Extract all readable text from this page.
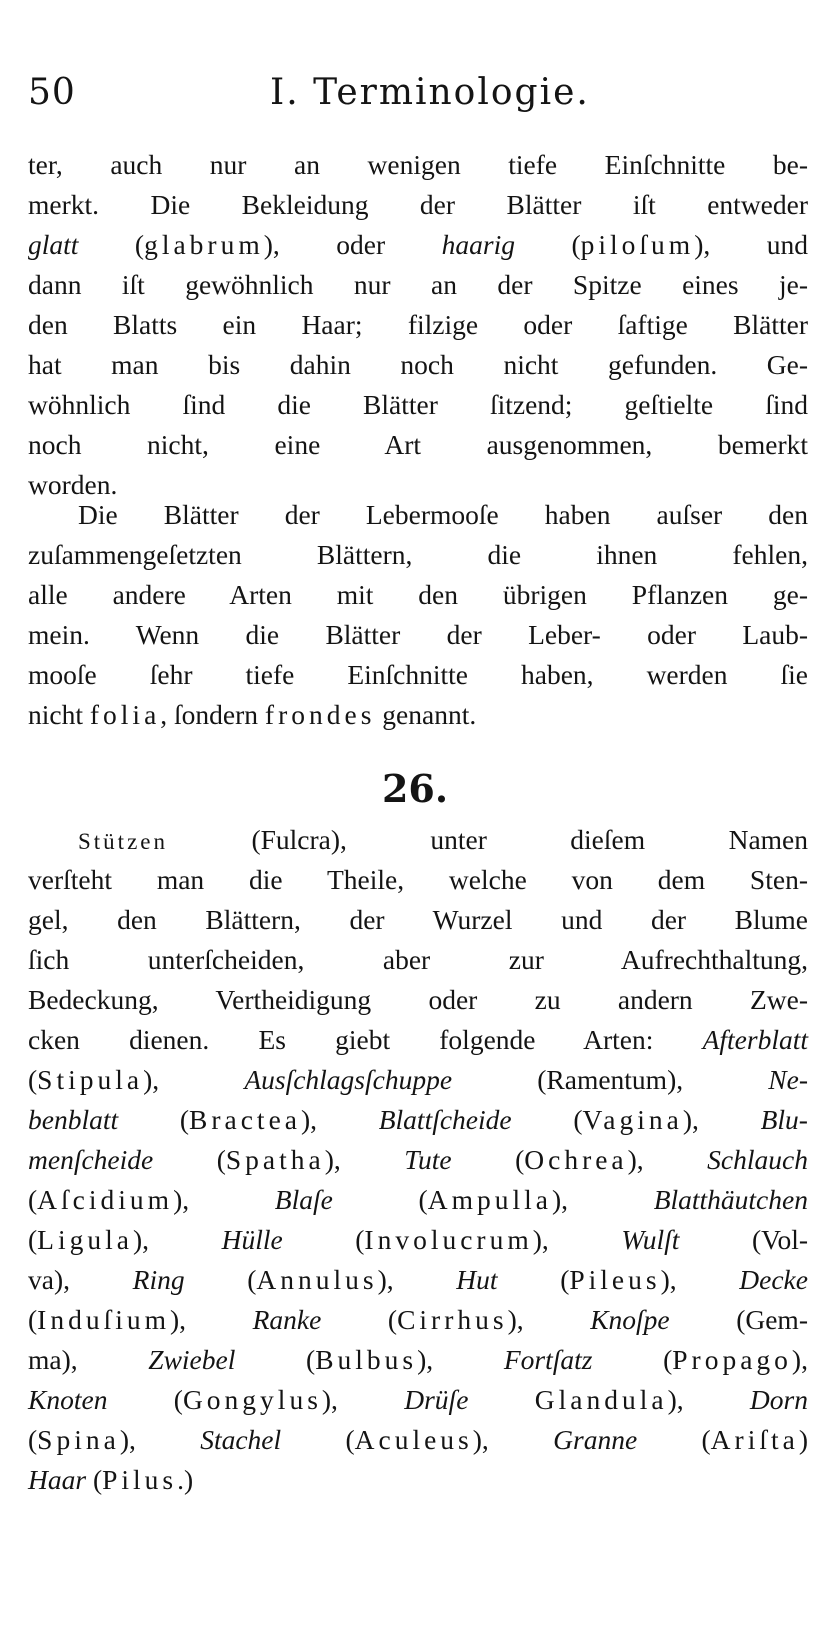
50	I. Terminologie.
ter, auch nur an wenigen tiefe Einſchnitte be-
merkt. Die Bekleidung der Blätter iſt entweder
glatt (glabrum), oder haarig (piloſum), und
dann iſt gewöhnlich nur an der Spitze eines je-
den Blatts ein Haar; filzige oder ſaftige Blätter
hat man bis dahin noch nicht gefunden. Ge-
wöhnlich ſind die Blätter ſitzend; geſtielte ſind
noch nicht, eine Art ausgenommen, bemerkt
worden.
Die Blätter der Lebermooſe haben auſser den
zuſammengeſetzten Blättern, die ihnen fehlen,
alle andere Arten mit den übrigen Pflanzen ge-
mein. Wenn die Blätter der Leber- oder Laub-
mooſe ſehr tiefe Einſchnitte haben, werden ſie
nicht folia, ſondern frondes genannt.
26.
Stützen (Fulcra), unter dieſem Namen
verſteht man die Theile, welche von dem Sten-
gel, den Blättern, der Wurzel und der Blume
ſich unterſcheiden, aber zur Aufrechthaltung,
Bedeckung, Vertheidigung oder zu andern Zwe-
cken dienen. Es giebt folgende Arten: Afterblatt
(Stipula), Ausſchlagsſchuppe (Ramentum), Ne-
benblatt (Bractea), Blattſcheide (Vagina), Blu-
menſcheide (Spatha), Tute (Ochrea), Schlauch
(Aſcidium), Blaſe (Ampulla), Blatthäutchen
(Ligula), Hülle (Involucrum), Wulſt (Vol-
va), Ring (Annulus), Hut (Pileus), Decke
(Induſium), Ranke (Cirrhus), Knoſpe (Gem-
ma), Zwiebel (Bulbus), Fortſatz (Propago),
Knoten (Gongylus), Drüſe Glandula), Dorn
(Spina), Stachel (Aculeus), Granne (Ariſta)
Haar (Pilus.)
